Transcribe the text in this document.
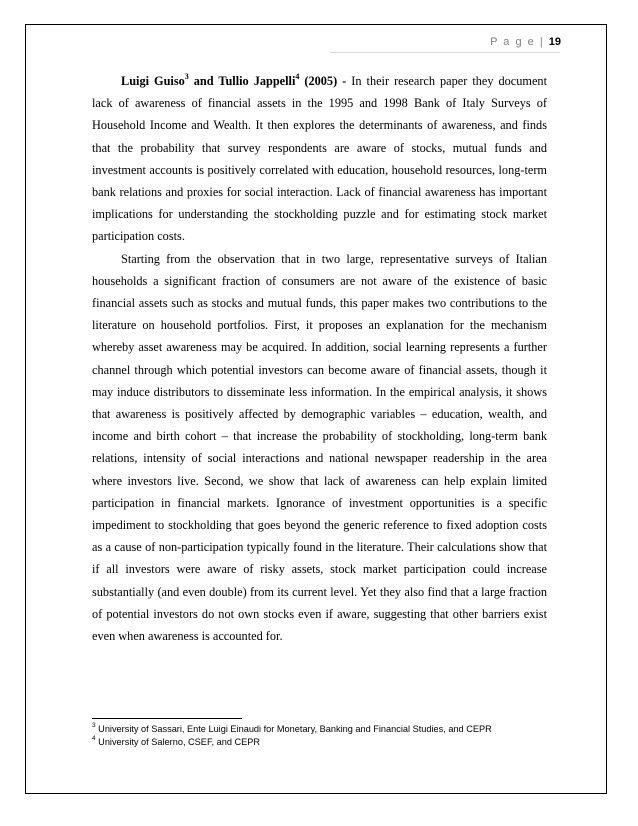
P a g e | 19

Luigi Guiso$^3$ and Tullio Jappelli$^4$ (2005) - In their research paper they document lack of awareness of financial assets in the 1995 and 1998 Bank of Italy Surveys of Household Income and Wealth. It then explores the determinants of awareness, and finds that the probability that survey respondents are aware of stocks, mutual funds and investment accounts is positively correlated with education, household resources, long-term bank relations and proxies for social interaction. Lack of financial awareness has important implications for understanding the stockholding puzzle and for estimating stock market participation costs.

Starting from the observation that in two large, representative surveys of Italian households a significant fraction of consumers are not aware of the existence of basic financial assets such as stocks and mutual funds, this paper makes two contributions to the literature on household portfolios. First, it proposes an explanation for the mechanism whereby asset awareness may be acquired. In addition, social learning represents a further channel through which potential investors can become aware of financial assets, though it may induce distributors to disseminate less information. In the empirical analysis, it shows that awareness is positively affected by demographic variables – education, wealth, and income and birth cohort – that increase the probability of stockholding, long-term bank relations, intensity of social interactions and national newspaper readership in the area where investors live. Second, we show that lack of awareness can help explain limited participation in financial markets. Ignorance of investment opportunities is a specific impediment to stockholding that goes beyond the generic reference to fixed adoption costs as a cause of non-participation typically found in the literature. Their calculations show that if all investors were aware of risky assets, stock market participation could increase substantially (and even double) from its current level. Yet they also find that a large fraction of potential investors do not own stocks even if aware, suggesting that other barriers exist even when awareness is accounted for.

$^3$ University of Sassari, Ente Luigi Einaudi for Monetary, Banking and Financial Studies, and CEPR
$^4$ University of Salerno, CSEF, and CEPR
